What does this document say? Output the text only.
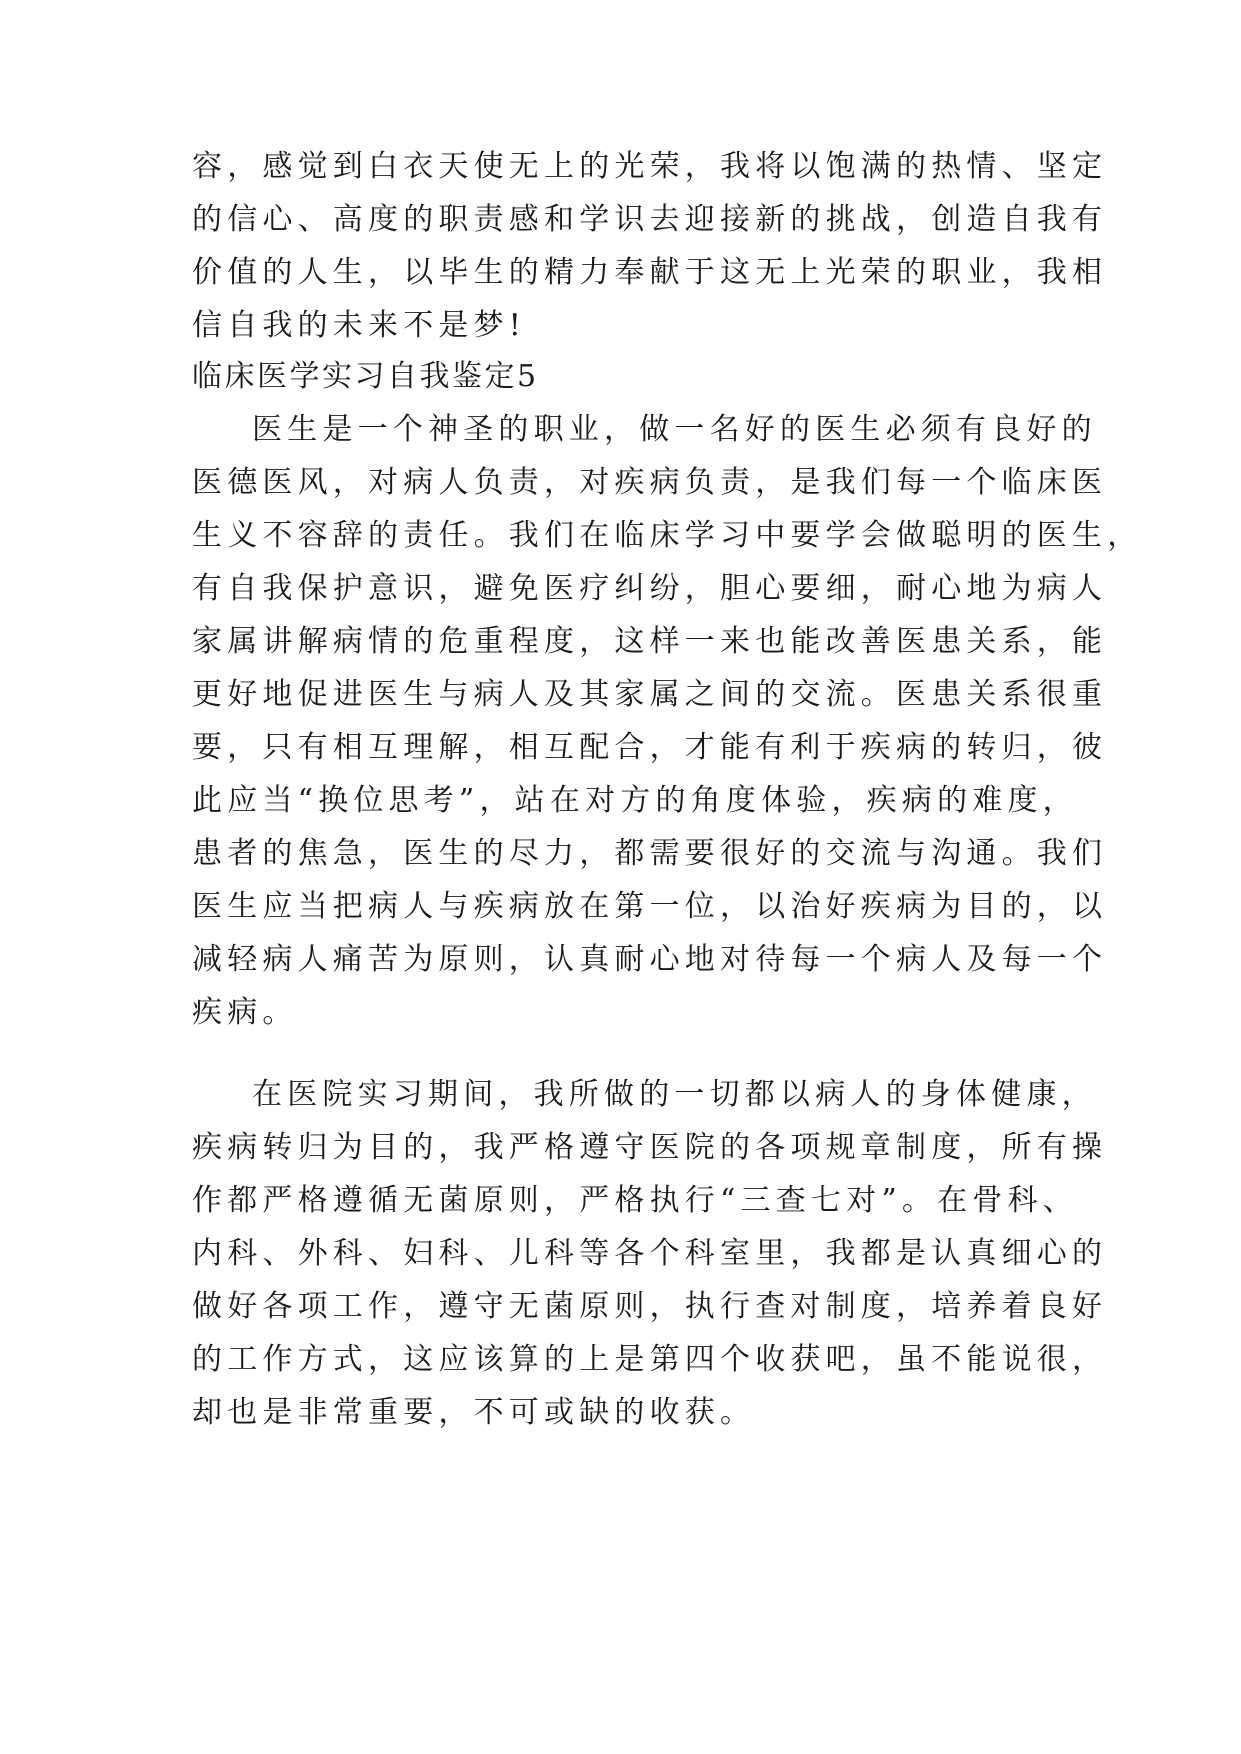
容，感觉到白衣天使无上的光荣，我将以饱满的热情、坚定
的信心、高度的职责感和学识去迎接新的挑战，创造自我有
价值的人生，以毕生的精力奉献于这无上光荣的职业，我相
信自我的未来不是梦!
临床医学实习自我鉴定5
医生是一个神圣的职业，做一名好的医生必须有良好的
医德医风，对病人负责，对疾病负责，是我们每一个临床医
生义不容辞的责任。我们在临床学习中要学会做聪明的医生，
有自我保护意识，避免医疗纠纷，胆心要细，耐心地为病人
家属讲解病情的危重程度，这样一来也能改善医患关系，能
更好地促进医生与病人及其家属之间的交流。医患关系很重
要，只有相互理解，相互配合，才能有利于疾病的转归，彼
此应当“换位思考”，站在对方的角度体验，疾病的难度，
患者的焦急，医生的尽力，都需要很好的交流与沟通。我们
医生应当把病人与疾病放在第一位，以治好疾病为目的，以
减轻病人痛苦为原则，认真耐心地对待每一个病人及每一个
疾病。
在医院实习期间，我所做的一切都以病人的身体健康，
疾病转归为目的，我严格遵守医院的各项规章制度，所有操
作都严格遵循无菌原则，严格执行“三查七对”。在骨科、
内科、外科、妇科、儿科等各个科室里，我都是认真细心的
做好各项工作，遵守无菌原则，执行查对制度，培养着良好
的工作方式，这应该算的上是第四个收获吧，虽不能说很，
却也是非常重要，不可或缺的收获。
